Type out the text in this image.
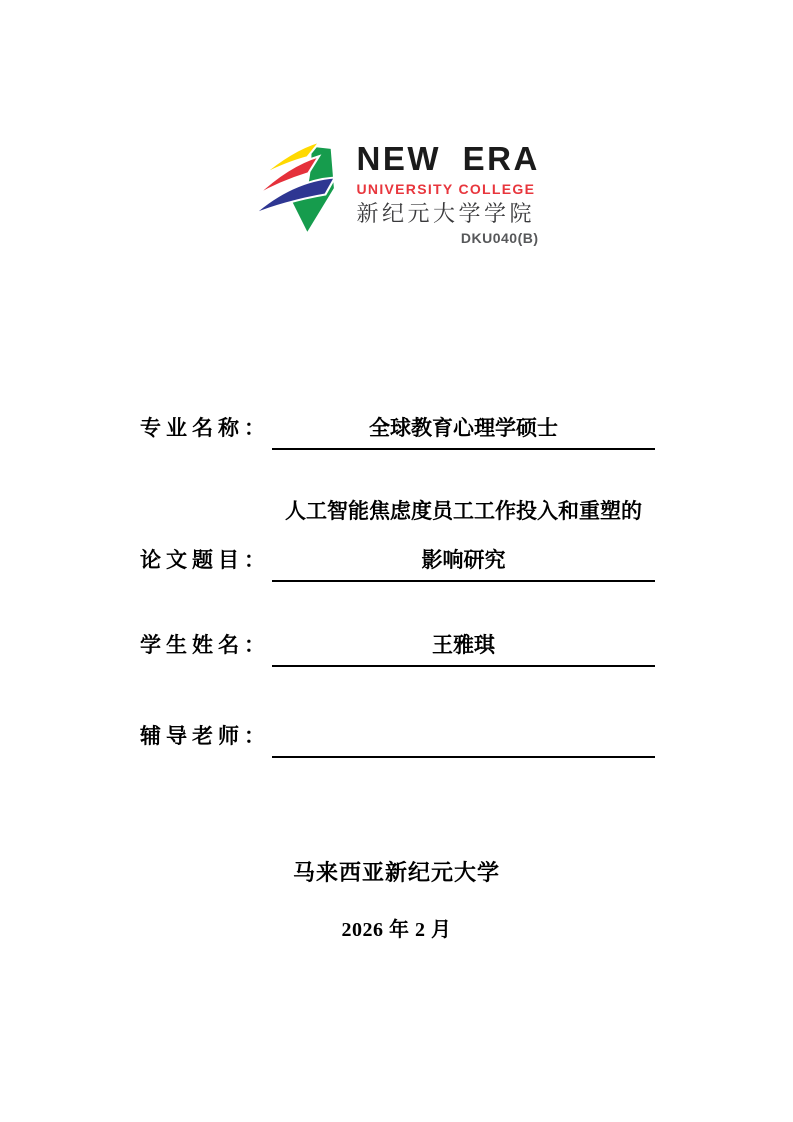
NEW ERA
UNIVERSITY COLLEGE
新纪元大学学院
DKU040(B)
专业名称：	全球教育心理学硕士
论文题目：
人工智能焦虑度员工工作投入和重塑的
影响研究
学生姓名：	王雅琪
辅导老师：
马来西亚新纪元大学
2026 年 2 月
